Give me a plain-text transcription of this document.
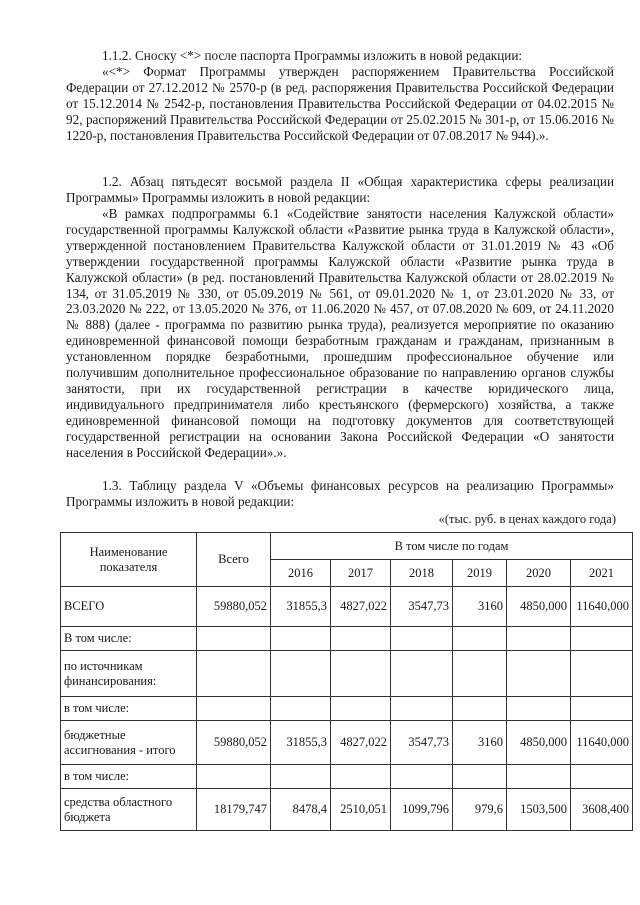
1.1.2. Сноску <*> после паспорта Программы изложить в новой редакции:

«<*> Формат Программы утвержден распоряжением Правительства Российской Федерации от 27.12.2012 № 2570-р (в ред. распоряжения Правительства Российской Федерации от 15.12.2014 № 2542-р, постановления Правительства Российской Федерации от 04.02.2015 № 92, распоряжений Правительства Российской Федерации от 25.02.2015 № 301-р, от 15.06.2016 № 1220-р, постановления Правительства Российской Федерации от 07.08.2017 № 944).».

1.2. Абзац пятьдесят восьмой раздела II «Общая характеристика сферы реализации Программы» Программы изложить в новой редакции:

«В рамках подпрограммы 6.1 «Содействие занятости населения Калужской области» государственной программы Калужской области «Развитие рынка труда в Калужской области», утвержденной постановлением Правительства Калужской области от 31.01.2019 № 43 «Об утверждении государственной программы Калужской области «Развитие рынка труда в Калужской области» (в ред. постановлений Правительства Калужской области от 28.02.2019 № 134, от 31.05.2019 № 330, от 05.09.2019 № 561, от 09.01.2020 № 1, от 23.01.2020 № 33, от 23.03.2020 № 222, от 13.05.2020 № 376, от 11.06.2020 № 457, от 07.08.2020 № 609, от 24.11.2020 № 888) (далее - программа по развитию рынка труда), реализуется мероприятие по оказанию единовременной финансовой помощи безработным гражданам и гражданам, признанным в установленном порядке безработными, прошедшим профессиональное обучение или получившим дополнительное профессиональное образование по направлению органов службы занятости, при их государственной регистрации в качестве юридического лица, индивидуального предпринимателя либо крестьянского (фермерского) хозяйства, а также единовременной финансовой помощи на подготовку документов для соответствующей государственной регистрации на основании Закона Российской Федерации «О занятости населения в Российской Федерации».».

1.3. Таблицу раздела V «Объемы финансовых ресурсов на реализацию Программы» Программы изложить в новой редакции:

«(тыс. руб. в ценах каждого года)

Наименование показателя	Всего	В том числе по годам					
		2016	2017	2018	2019	2020	2021
ВСЕГО	59880,052	31855,3	4827,022	3547,73	3160	4850,000	11640,000
В том числе:							
по источникам финансирования:							
в том числе:							
бюджетные ассигнования - итого	59880,052	31855,3	4827,022	3547,73	3160	4850,000	11640,000
в том числе:							
средства областного бюджета	18179,747	8478,4	2510,051	1099,796	979,6	1503,500	3608,400
